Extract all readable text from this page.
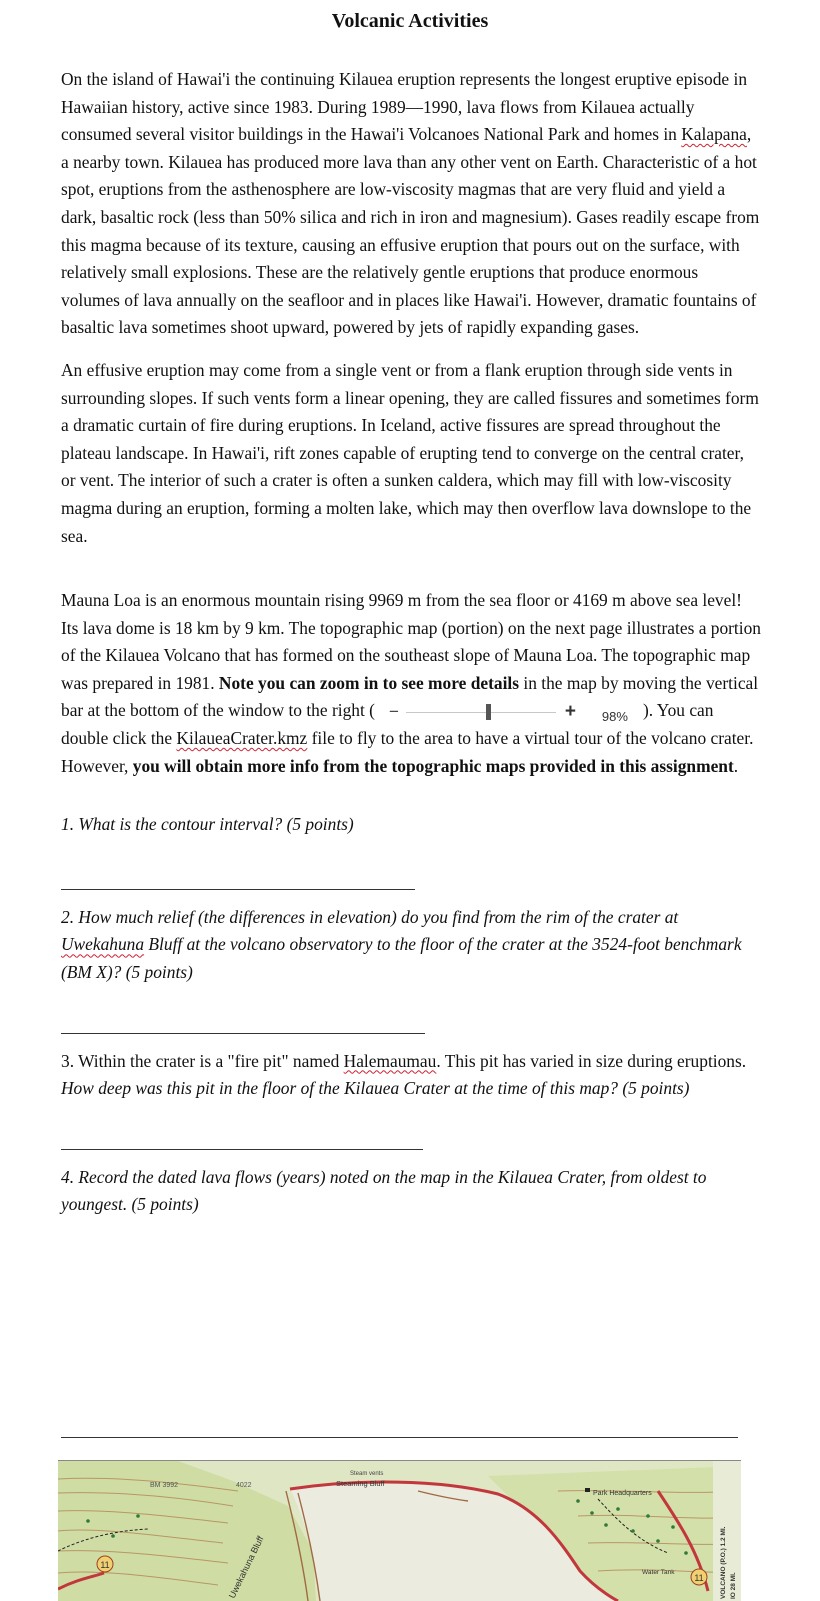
Volcanic Activities

On the island of Hawai'i the continuing Kilauea eruption represents the longest eruptive episode in Hawaiian history, active since 1983. During 1989—1990, lava flows from Kilauea actually consumed several visitor buildings in the Hawai'i Volcanoes National Park and homes in Kalapana, a nearby town. Kilauea has produced more lava than any other vent on Earth. Characteristic of a hot spot, eruptions from the asthenosphere are low-viscosity magmas that are very fluid and yield a dark, basaltic rock (less than 50% silica and rich in iron and magnesium). Gases readily escape from this magma because of its texture, causing an effusive eruption that pours out on the surface, with relatively small explosions. These are the relatively gentle eruptions that produce enormous volumes of lava annually on the seafloor and in places like Hawai'i. However, dramatic fountains of basaltic lava sometimes shoot upward, powered by jets of rapidly expanding gases.

An effusive eruption may come from a single vent or from a flank eruption through side vents in surrounding slopes. If such vents form a linear opening, they are called fissures and sometimes form a dramatic curtain of fire during eruptions. In Iceland, active fissures are spread throughout the plateau landscape. In Hawai'i, rift zones capable of erupting tend to converge on the central crater, or vent. The interior of such a crater is often a sunken caldera, which may fill with low-viscosity magma during an eruption, forming a molten lake, which may then overflow lava downslope to the sea.

Mauna Loa is an enormous mountain rising 9969 m from the sea floor or 4169 m above sea level! Its lava dome is 18 km by 9 km. The topographic map (portion) on the next page illustrates a portion of the Kilauea Volcano that has formed on the southeast slope of Mauna Loa. The topographic map was prepared in 1981. Note you can zoom in to see more details in the map by moving the vertical bar at the bottom of the window to the right ( −	+ 98% ). You can double click the KilaueaCrater.kmz file to fly to the area to have a virtual tour of the volcano crater. However, you will obtain more info from the topographic maps provided in this assignment.

1. What is the contour interval? (5 points)

2. How much relief (the differences in elevation) do you find from the rim of the crater at Uwekahuna Bluff at the volcano observatory to the floor of the crater at the 3524-foot benchmark (BM X)? (5 points)

3. Within the crater is a "fire pit" named Halemaumau. This pit has varied in size during eruptions. How deep was this pit in the floor of the Kilauea Crater at the time of this map? (5 points)

4. Record the dated lava flows (years) noted on the map in the Kilauea Crater, from oldest to youngest. (5 points)

11
11
BM 3992	4022
Uwekahuna Bluff
Steaming Bluff
Steam vents
Park Headquarters
Water Tank	VOLCANO (P.O.) 1.2 MI. IO 28 MI.
